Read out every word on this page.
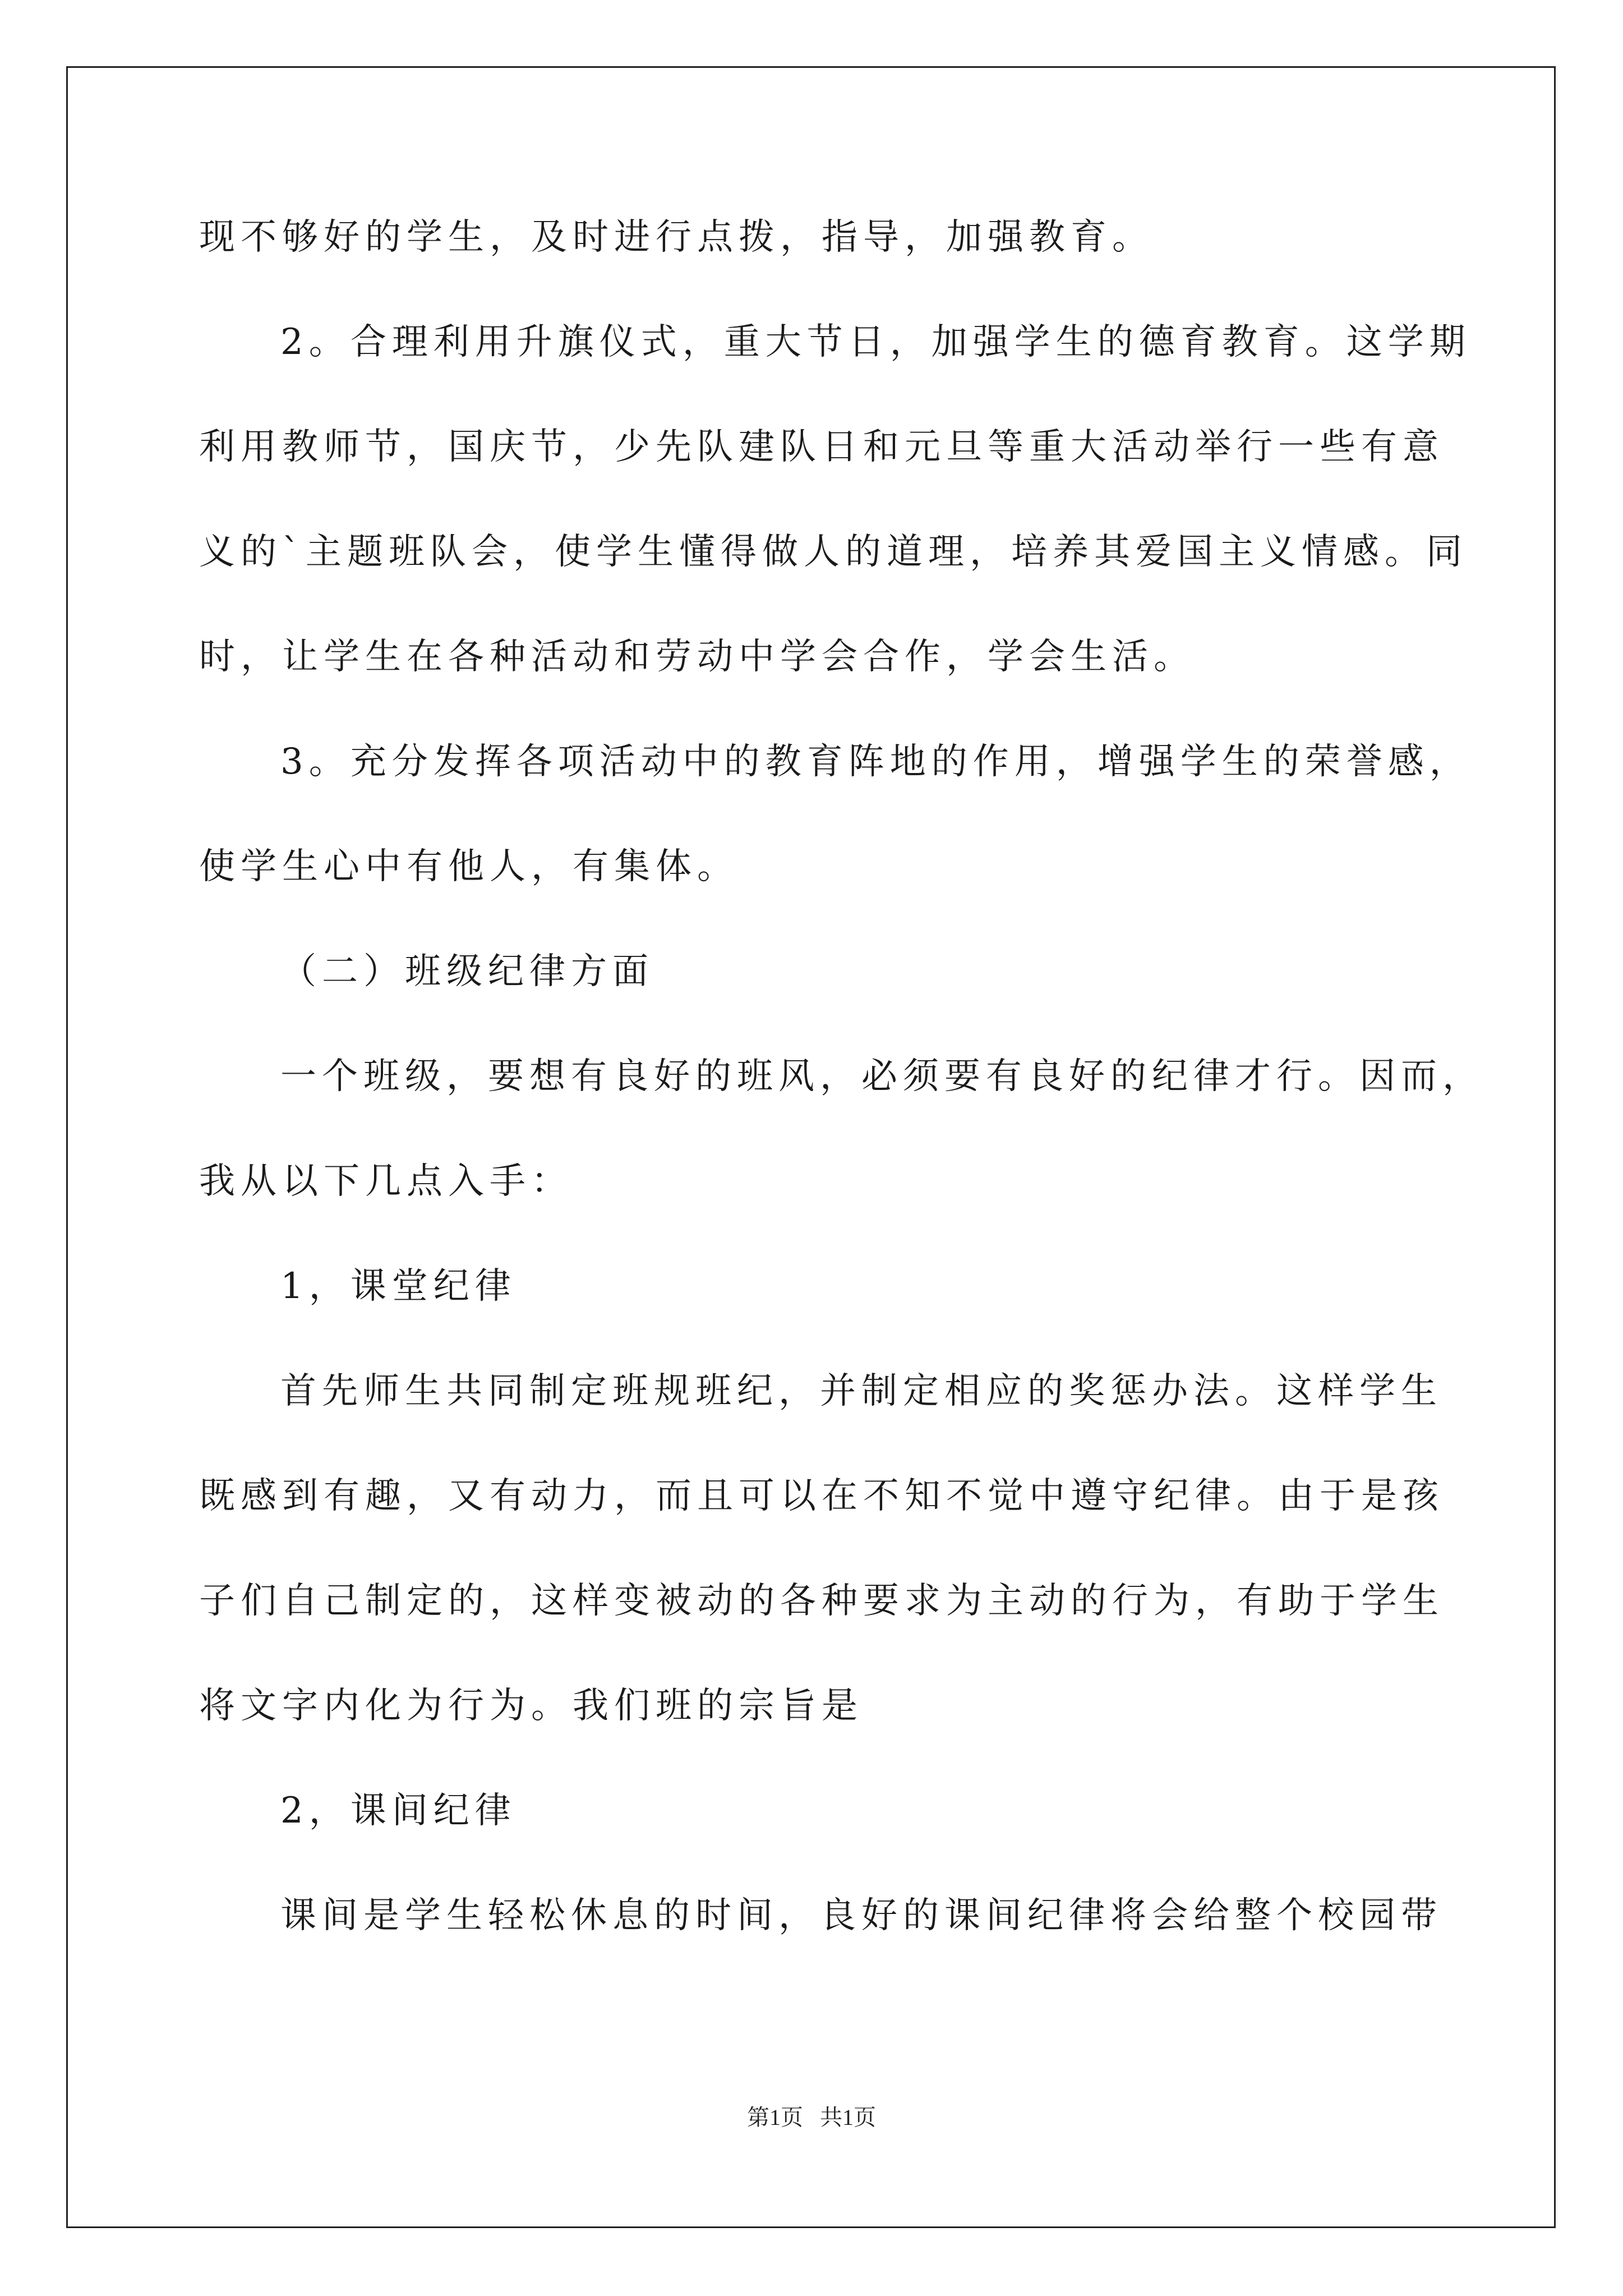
现不够好的学生，及时进行点拨，指导，加强教育。
2。合理利用升旗仪式，重大节日，加强学生的德育教育。这学期
利用教师节，国庆节，少先队建队日和元旦等重大活动举行一些有意
义的`主题班队会，使学生懂得做人的道理，培养其爱国主义情感。同
时，让学生在各种活动和劳动中学会合作，学会生活。
3。充分发挥各项活动中的教育阵地的作用，增强学生的荣誉感，
使学生心中有他人，有集体。
（二）班级纪律方面
一个班级，要想有良好的班风，必须要有良好的纪律才行。因而，
我从以下几点入手：
1，课堂纪律
首先师生共同制定班规班纪，并制定相应的奖惩办法。这样学生
既感到有趣，又有动力，而且可以在不知不觉中遵守纪律。由于是孩
子们自己制定的，这样变被动的各种要求为主动的行为，有助于学生
将文字内化为行为。我们班的宗旨是
2，课间纪律
课间是学生轻松休息的时间，良好的课间纪律将会给整个校园带
第1页   共1页
